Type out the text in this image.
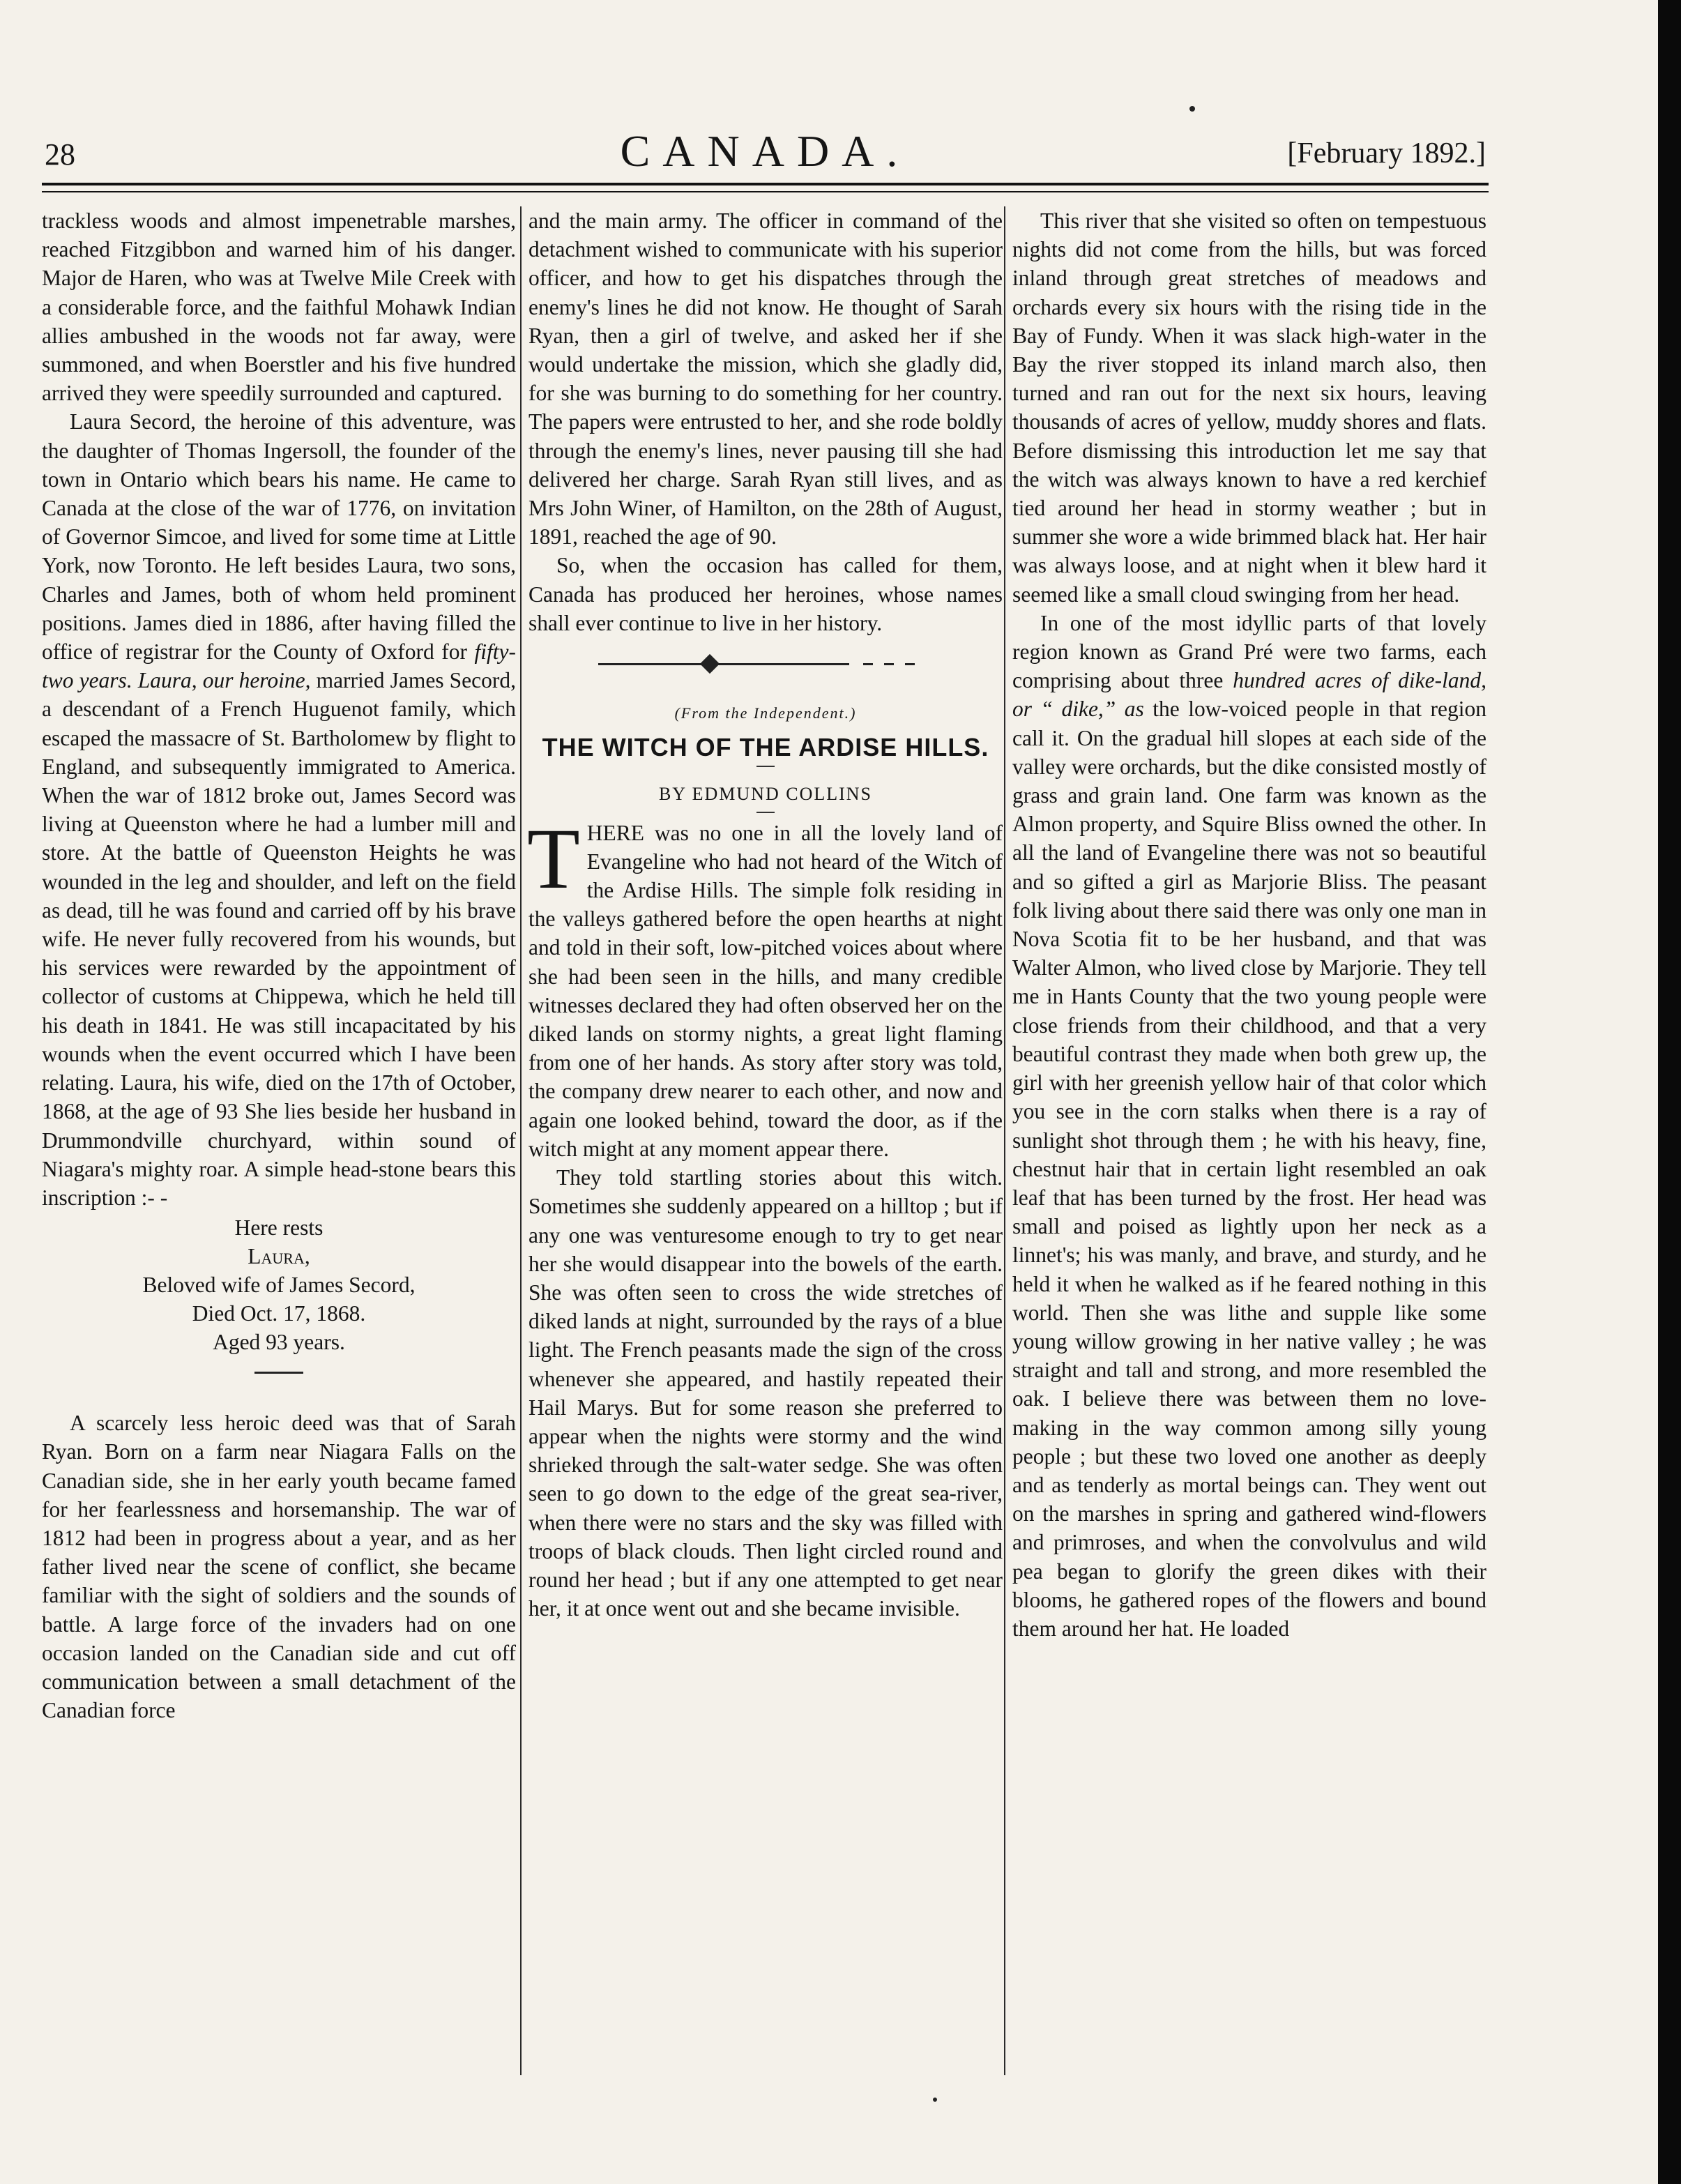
28	CANADA.	[February 1892.]

trackless woods and almost impenetrable marshes, reached Fitzgibbon and warned him of his danger. Major de Haren, who was at Twelve Mile Creek with a considerable force, and the faithful Mohawk Indian allies ambushed in the woods not far away, were summoned, and when Boerstler and his five hundred arrived they were speedily surrounded and captured.

Laura Secord, the heroine of this adventure, was the daughter of Thomas Ingersoll, the founder of the town in Ontario which bears his name. He came to Canada at the close of the war of 1776, on invitation of Governor Simcoe, and lived for some time at Little York, now Toronto. He left besides Laura, two sons, Charles and James, both of whom held prominent positions. James died in 1886, after having filled the office of registrar for the County of Oxford for fifty-two years. Laura, our heroine, married James Secord, a descendant of a French Huguenot family, which escaped the massacre of St. Bartholomew by flight to England, and subsequently immigrated to America. When the war of 1812 broke out, James Secord was living at Queenston where he had a lumber mill and store. At the battle of Queenston Heights he was wounded in the leg and shoulder, and left on the field as dead, till he was found and carried off by his brave wife. He never fully recovered from his wounds, but his services were rewarded by the appointment of collector of customs at Chippewa, which he held till his death in 1841. He was still incapacitated by his wounds when the event occurred which I have been relating. Laura, his wife, died on the 17th of October, 1868, at the age of 93 She lies beside her husband in Drummondville churchyard, within sound of Niagara's mighty roar. A simple head-stone bears this inscription :- -

Here rests
Laura,
Beloved wife of James Secord,
Died Oct. 17, 1868.
Aged 93 years.

A scarcely less heroic deed was that of Sarah Ryan. Born on a farm near Niagara Falls on the Canadian side, she in her early youth became famed for her fearlessness and horsemanship. The war of 1812 had been in progress about a year, and as her father lived near the scene of conflict, she became familiar with the sight of soldiers and the sounds of battle. A large force of the invaders had on one occasion landed on the Canadian side and cut off communication between a small detachment of the Canadian force

and the main army. The officer in command of the detachment wished to communicate with his superior officer, and how to get his dispatches through the enemy's lines he did not know. He thought of Sarah Ryan, then a girl of twelve, and asked her if she would undertake the mission, which she gladly did, for she was burning to do something for her country. The papers were entrusted to her, and she rode boldly through the enemy's lines, never pausing till she had delivered her charge. Sarah Ryan still lives, and as Mrs John Winer, of Hamilton, on the 28th of August, 1891, reached the age of 90.

So, when the occasion has called for them, Canada has produced her heroines, whose names shall ever continue to live in her history.

(From the Independent.)
THE WITCH OF THE ARDISE HILLS.
BY EDMUND COLLINS

THERE was no one in all the lovely land of Evangeline who had not heard of the Witch of the Ardise Hills. The simple folk residing in the valleys gathered before the open hearths at night and told in their soft, low-pitched voices about where she had been seen in the hills, and many credible witnesses declared they had often observed her on the diked lands on stormy nights, a great light flaming from one of her hands. As story after story was told, the company drew nearer to each other, and now and again one looked behind, toward the door, as if the witch might at any moment appear there.

They told startling stories about this witch. Sometimes she suddenly appeared on a hilltop ; but if any one was venturesome enough to try to get near her she would disappear into the bowels of the earth. She was often seen to cross the wide stretches of diked lands at night, surrounded by the rays of a blue light. The French peasants made the sign of the cross whenever she appeared, and hastily repeated their Hail Marys. But for some reason she preferred to appear when the nights were stormy and the wind shrieked through the salt-water sedge. She was often seen to go down to the edge of the great sea-river, when there were no stars and the sky was filled with troops of black clouds. Then light circled round and round her head ; but if any one attempted to get near her, it at once went out and she became invisible.

This river that she visited so often on tempestuous nights did not come from the hills, but was forced inland through great stretches of meadows and orchards every six hours with the rising tide in the Bay of Fundy. When it was slack high-water in the Bay the river stopped its inland march also, then turned and ran out for the next six hours, leaving thousands of acres of yellow, muddy shores and flats. Before dismissing this introduction let me say that the witch was always known to have a red kerchief tied around her head in stormy weather ; but in summer she wore a wide brimmed black hat. Her hair was always loose, and at night when it blew hard it seemed like a small cloud swinging from her head.

In one of the most idyllic parts of that lovely region known as Grand Pré were two farms, each comprising about three hundred acres of dike-land, or “ dike,” as the low-voiced people in that region call it. On the gradual hill slopes at each side of the valley were orchards, but the dike consisted mostly of grass and grain land. One farm was known as the Almon property, and Squire Bliss owned the other. In all the land of Evangeline there was not so beautiful and so gifted a girl as Marjorie Bliss. The peasant folk living about there said there was only one man in Nova Scotia fit to be her husband, and that was Walter Almon, who lived close by Marjorie. They tell me in Hants County that the two young people were close friends from their childhood, and that a very beautiful contrast they made when both grew up, the girl with her greenish yellow hair of that color which you see in the corn stalks when there is a ray of sunlight shot through them ; he with his heavy, fine, chestnut hair that in certain light resembled an oak leaf that has been turned by the frost. Her head was small and poised as lightly upon her neck as a linnet's; his was manly, and brave, and sturdy, and he held it when he walked as if he feared nothing in this world. Then she was lithe and supple like some young willow growing in her native valley ; he was straight and tall and strong, and more resembled the oak. I believe there was between them no love-making in the way common among silly young people ; but these two loved one another as deeply and as tenderly as mortal beings can. They went out on the marshes in spring and gathered wind-flowers and primroses, and when the convolvulus and wild pea began to glorify the green dikes with their blooms, he gathered ropes of the flowers and bound them around her hat. He loaded
